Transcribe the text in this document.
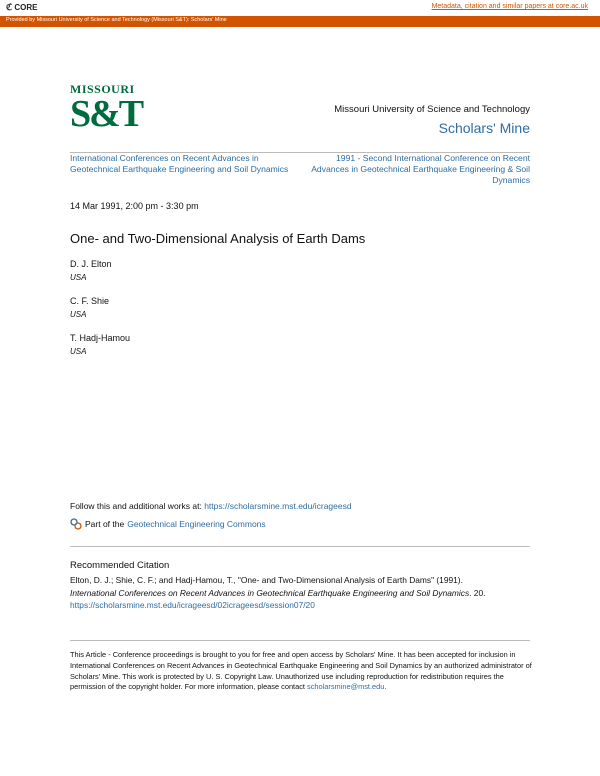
ℭ CORE	Metadata, citation and similar papers at core.ac.uk
Provided by Missouri University of Science and Technology (Missouri S&T): Scholars' Mine
MISSOURI
S&T	Missouri University of Science and Technology
Scholars' Mine
International Conferences on Recent Advances in Geotechnical Earthquake Engineering and Soil Dynamics
1991 - Second International Conference on Recent Advances in Geotechnical Earthquake Engineering & Soil Dynamics
14 Mar 1991, 2:00 pm - 3:30 pm
One- and Two-Dimensional Analysis of Earth Dams
D. J. Elton
USA
C. F. Shie
USA
T. Hadj-Hamou
USA
Follow this and additional works at: https://scholarsmine.mst.edu/icrageesd
Part of the Geotechnical Engineering Commons
Recommended Citation
Elton, D. J.; Shie, C. F.; and Hadj-Hamou, T., "One- and Two-Dimensional Analysis of Earth Dams" (1991).
International Conferences on Recent Advances in Geotechnical Earthquake Engineering and Soil Dynamics. 20.
https://scholarsmine.mst.edu/icrageesd/02icrageesd/session07/20
This Article - Conference proceedings is brought to you for free and open access by Scholars' Mine. It has been accepted for inclusion in International Conferences on Recent Advances in Geotechnical Earthquake Engineering and Soil Dynamics by an authorized administrator of Scholars' Mine. This work is protected by U. S. Copyright Law. Unauthorized use including reproduction for redistribution requires the permission of the copyright holder. For more information, please contact scholarsmine@mst.edu.
